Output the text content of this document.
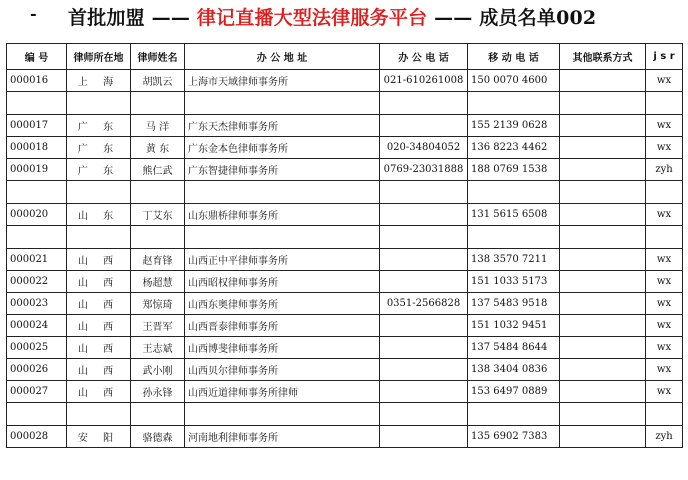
- 首批加盟 —— 律记直播大型法律服务平台 —— 成员名单002
编 号	律师所在地	律师姓名	办 公 地 址	办 公 电 话	移 动 电 话	其他联系方式	j s r
000016	上 海	胡凯云	上海市天域律师事务所	021-610261008	150 0070 4600		wx

000017	广 东	马 洋	广东天杰律师事务所		155 2139 0628		wx
000018	广 东	黄 东	广东金本色律师事务所	020-34804052	136 8223 4462		wx
000019	广 东	熊仁武	广东智捷律师事务所	0769-23031888	188 0769 1538		zyh

000020	山 东	丁艾东	山东鼎桥律师事务所		131 5615 6508		wx

000021	山 西	赵育锋	山西正中平律师事务所		138 3570 7211		wx
000022	山 西	杨超慧	山西昭权律师事务所		151 1033 5173		wx
000023	山 西	郑惊琦	山西东奥律师事务所	0351-2566828	137 5483 9518		wx
000024	山 西	王晋军	山西晋泰律师事务所		151 1032 9451		wx
000025	山 西	王志斌	山西博斐律师事务所		137 5484 8644		wx
000026	山 西	武小刚	山西贝尔律师事务所		138 3404 0836		wx
000027	山 西	孙永锋	山西近道律师事务所律师		153 6497 0889		wx

000028	安 阳	骆德森	河南地利律师事务所		135 6902 7383		zyh
